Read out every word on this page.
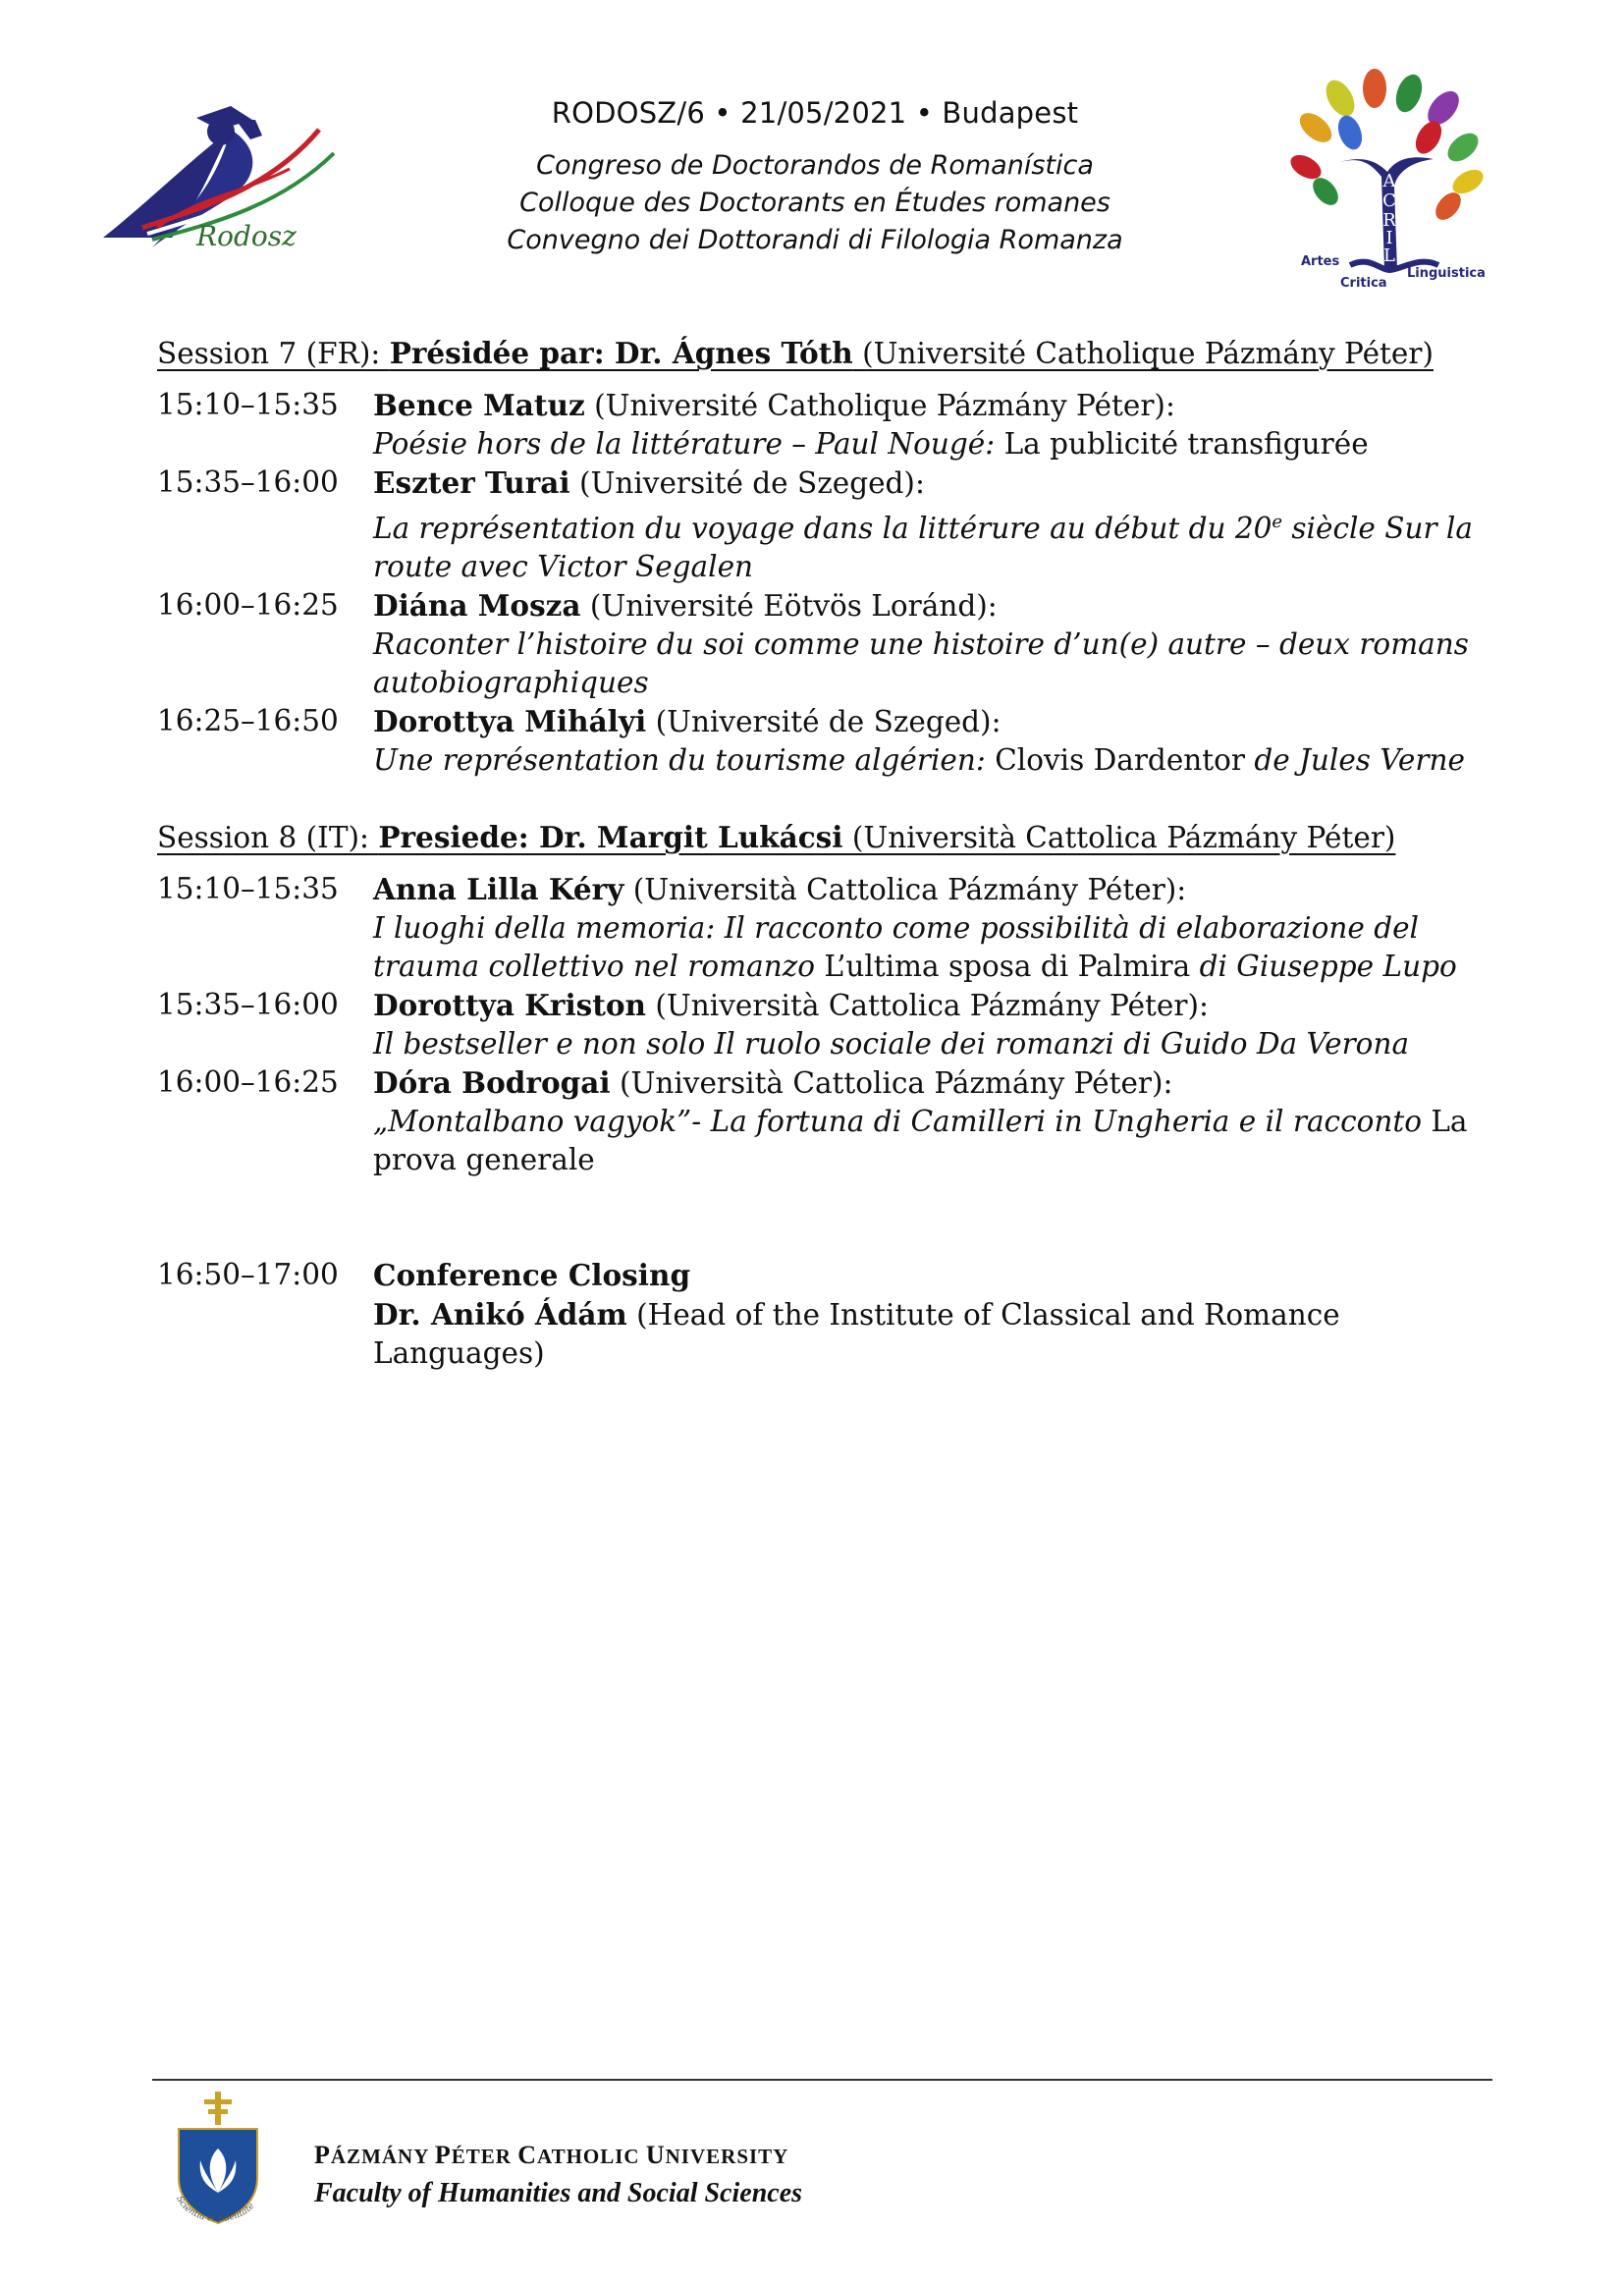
Rodosz
RODOSZ/6 • 21/05/2021 • Budapest
Congreso de Doctorandos de Romanística
Colloque des Doctorants en Études romanes
Convegno dei Dottorandi di Filologia Romanza
A
C
R
I
L
Artes
Critica
Linguistica
Session 7 (FR): Présidée par: Dr. Ágnes Tóth (Université Catholique Pázmány Péter)
15:10–15:35	Bence Matuz (Université Catholique Pázmány Péter):
Poésie hors de la littérature – Paul Nougé: La publicité transfigurée
15:35–16:00	Eszter Turai (Université de Szeged):
La représentation du voyage dans la littérure au début du 20e siècle Sur la route avec Victor Segalen
16:00–16:25	Diána Mosza (Université Eötvös Loránd):
Raconter l’histoire du soi comme une histoire d’un(e) autre – deux romans autobiographiques
16:25–16:50	Dorottya Mihályi (Université de Szeged):
Une représentation du tourisme algérien: Clovis Dardentor de Jules Verne
Session 8 (IT): Presiede: Dr. Margit Lukácsi (Università Cattolica Pázmány Péter)
15:10–15:35	Anna Lilla Kéry (Università Cattolica Pázmány Péter):
I luoghi della memoria: Il racconto come possibilità di elaborazione del trauma collettivo nel romanzo L’ultima sposa di Palmira di Giuseppe Lupo
15:35–16:00	Dorottya Kriston (Università Cattolica Pázmány Péter):
Il bestseller e non solo Il ruolo sociale dei romanzi di Guido Da Verona
16:00–16:25	Dóra Bodrogai (Università Cattolica Pázmány Péter):
„Montalbano vagyok”- La fortuna di Camilleri in Ungheria e il racconto La prova generale
16:50–17:00	Conference Closing
Dr. Anikó Ádám (Head of the Institute of Classical and Romance Languages)
Scientia et fidelitate
PÁZMÁNY PÉTER CATHOLIC UNIVERSITY
Faculty of Humanities and Social Sciences
